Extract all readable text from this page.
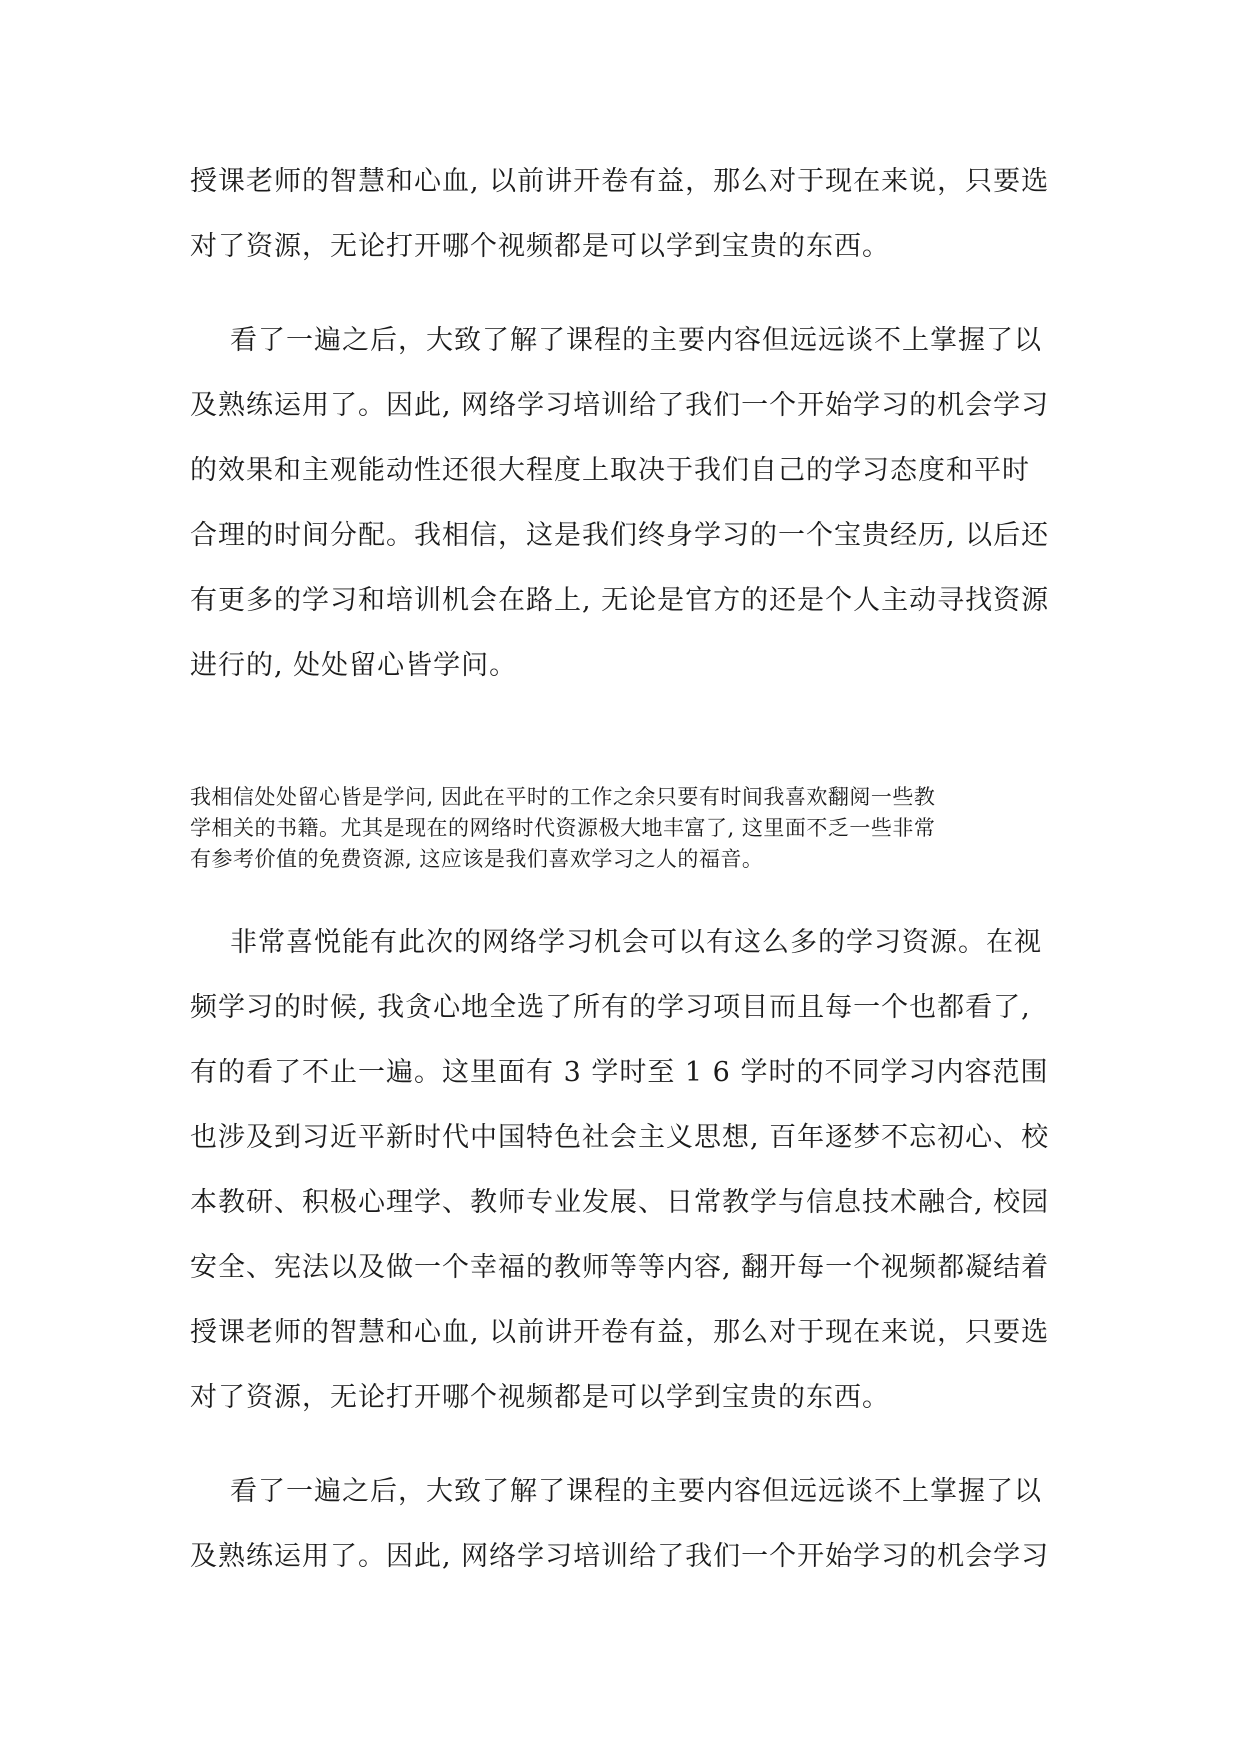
授课老师的智慧和心血, 以前讲开卷有益，那么对于现在来说，只要选
对了资源，无论打开哪个视频都是可以学到宝贵的东西。
看了一遍之后，大致了解了课程的主要内容但远远谈不上掌握了以
及熟练运用了。因此, 网络学习培训给了我们一个开始学习的机会学习
的效果和主观能动性还很大程度上取决于我们自己的学习态度和平时
合理的时间分配。我相信，这是我们终身学习的一个宝贵经历, 以后还
有更多的学习和培训机会在路上, 无论是官方的还是个人主动寻找资源
进行的, 处处留心皆学问。
我相信处处留心皆是学问, 因此在平时的工作之余只要有时间我喜欢翻阅一些教
学相关的书籍。尤其是现在的网络时代资源极大地丰富了, 这里面不乏一些非常
有参考价值的免费资源, 这应该是我们喜欢学习之人的福音。
非常喜悦能有此次的网络学习机会可以有这么多的学习资源。在视
频学习的时候, 我贪心地全选了所有的学习项目而且每一个也都看了,
有的看了不止一遍。这里面有 3 学时至 1 6 学时的不同学习内容范围
也涉及到习近平新时代中国特色社会主义思想, 百年逐梦不忘初心、校
本教研、积极心理学、教师专业发展、日常教学与信息技术融合, 校园
安全、宪法以及做一个幸福的教师等等内容, 翻开每一个视频都凝结着
授课老师的智慧和心血, 以前讲开卷有益，那么对于现在来说，只要选
对了资源，无论打开哪个视频都是可以学到宝贵的东西。
看了一遍之后，大致了解了课程的主要内容但远远谈不上掌握了以
及熟练运用了。因此, 网络学习培训给了我们一个开始学习的机会学习
